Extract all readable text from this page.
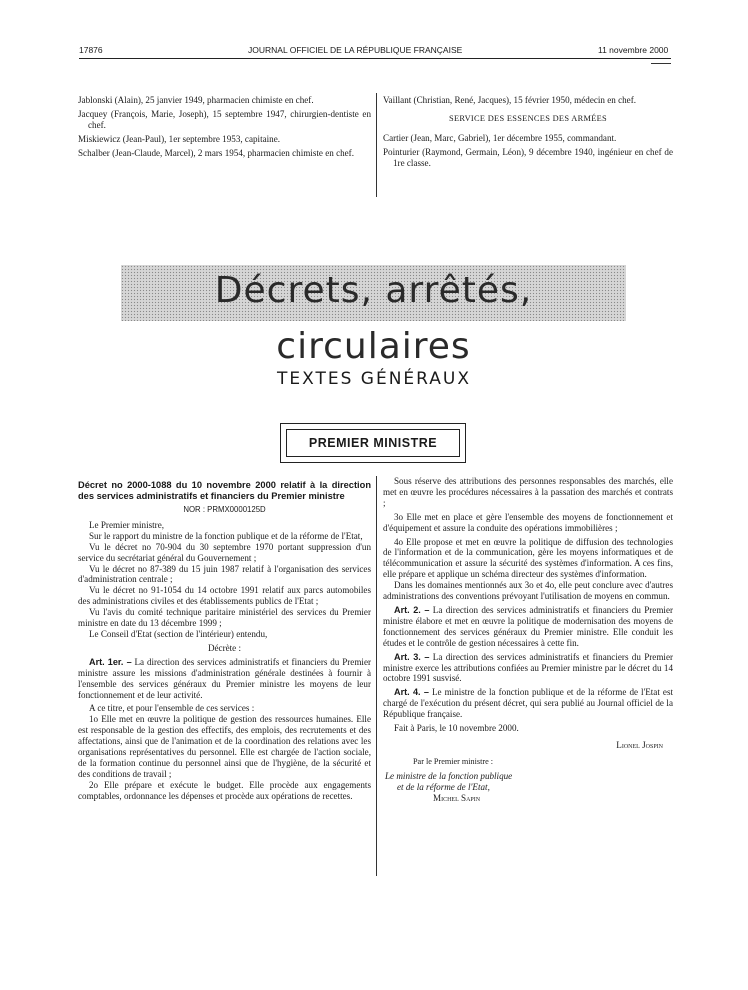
17876	JOURNAL OFFICIEL DE LA RÉPUBLIQUE FRANÇAISE	11 novembre 2000

Jablonski (Alain), 25 janvier 1949, pharmacien chimiste en chef.

Jacquey (François, Marie, Joseph), 15 septembre 1947, chirurgien-dentiste en chef.

Miskiewicz (Jean-Paul), 1er septembre 1953, capitaine.

Schalber (Jean-Claude, Marcel), 2 mars 1954, pharmacien chimiste en chef.

Vaillant (Christian, René, Jacques), 15 février 1950, médecin en chef.

SERVICE DES ESSENCES DES ARMÉES

Cartier (Jean, Marc, Gabriel), 1er décembre 1955, commandant.

Pointurier (Raymond, Germain, Léon), 9 décembre 1940, ingénieur en chef de 1re classe.

Décrets, arrêtés, circulaires
TEXTES GÉNÉRAUX
PREMIER MINISTRE

Décret no 2000-1088 du 10 novembre 2000 relatif à la direction des services administratifs et financiers du Premier ministre

NOR : PRMX0000125D

Le Premier ministre,

Sur le rapport du ministre de la fonction publique et de la réforme de l'Etat,

Vu le décret no 70-904 du 30 septembre 1970 portant suppression d'un service du secrétariat général du Gouvernement ;

Vu le décret no 87-389 du 15 juin 1987 relatif à l'organisation des services d'administration centrale ;

Vu le décret no 91-1054 du 14 octobre 1991 relatif aux parcs automobiles des administrations civiles et des établissements publics de l'Etat ;

Vu l'avis du comité technique paritaire ministériel des services du Premier ministre en date du 13 décembre 1999 ;

Le Conseil d'Etat (section de l'intérieur) entendu,

Décrète :

Art. 1er. – La direction des services administratifs et financiers du Premier ministre assure les missions d'administration générale destinées à fournir à l'ensemble des services généraux du Premier ministre les moyens de leur fonctionnement et de leur activité.

A ce titre, et pour l'ensemble de ces services :

1o Elle met en œuvre la politique de gestion des ressources humaines. Elle est responsable de la gestion des effectifs, des emplois, des recrutements et des affectations, ainsi que de l'animation et de la coordination des relations avec les organisations représentatives du personnel. Elle est chargée de l'action sociale, de la formation continue du personnel ainsi que de l'hygiène, de la sécurité et des conditions de travail ;

2o Elle prépare et exécute le budget. Elle procède aux engagements comptables, ordonnance les dépenses et procède aux opérations de recettes.

Sous réserve des attributions des personnes responsables des marchés, elle met en œuvre les procédures nécessaires à la passation des marchés et contrats ;

3o Elle met en place et gère l'ensemble des moyens de fonctionnement et d'équipement et assure la conduite des opérations immobilières ;

4o Elle propose et met en œuvre la politique de diffusion des technologies de l'information et de la communication, gère les moyens informatiques et de télécommunication et assure la sécurité des systèmes d'information. A ces fins, elle prépare et applique un schéma directeur des systèmes d'information.

Dans les domaines mentionnés aux 3o et 4o, elle peut conclure avec d'autres administrations des conventions prévoyant l'utilisation de moyens en commun.

Art. 2. – La direction des services administratifs et financiers du Premier ministre élabore et met en œuvre la politique de modernisation des moyens de fonctionnement des services généraux du Premier ministre. Elle conduit les études et le contrôle de gestion nécessaires à cette fin.

Art. 3. – La direction des services administratifs et financiers du Premier ministre exerce les attributions confiées au Premier ministre par le décret du 14 octobre 1991 susvisé.

Art. 4. – Le ministre de la fonction publique et de la réforme de l'Etat est chargé de l'exécution du présent décret, qui sera publié au Journal officiel de la République française.

Fait à Paris, le 10 novembre 2000.

Lionel Jospin

Par le Premier ministre :

Le ministre de la fonction publique

et de la réforme de l'Etat,

Michel Sapin
